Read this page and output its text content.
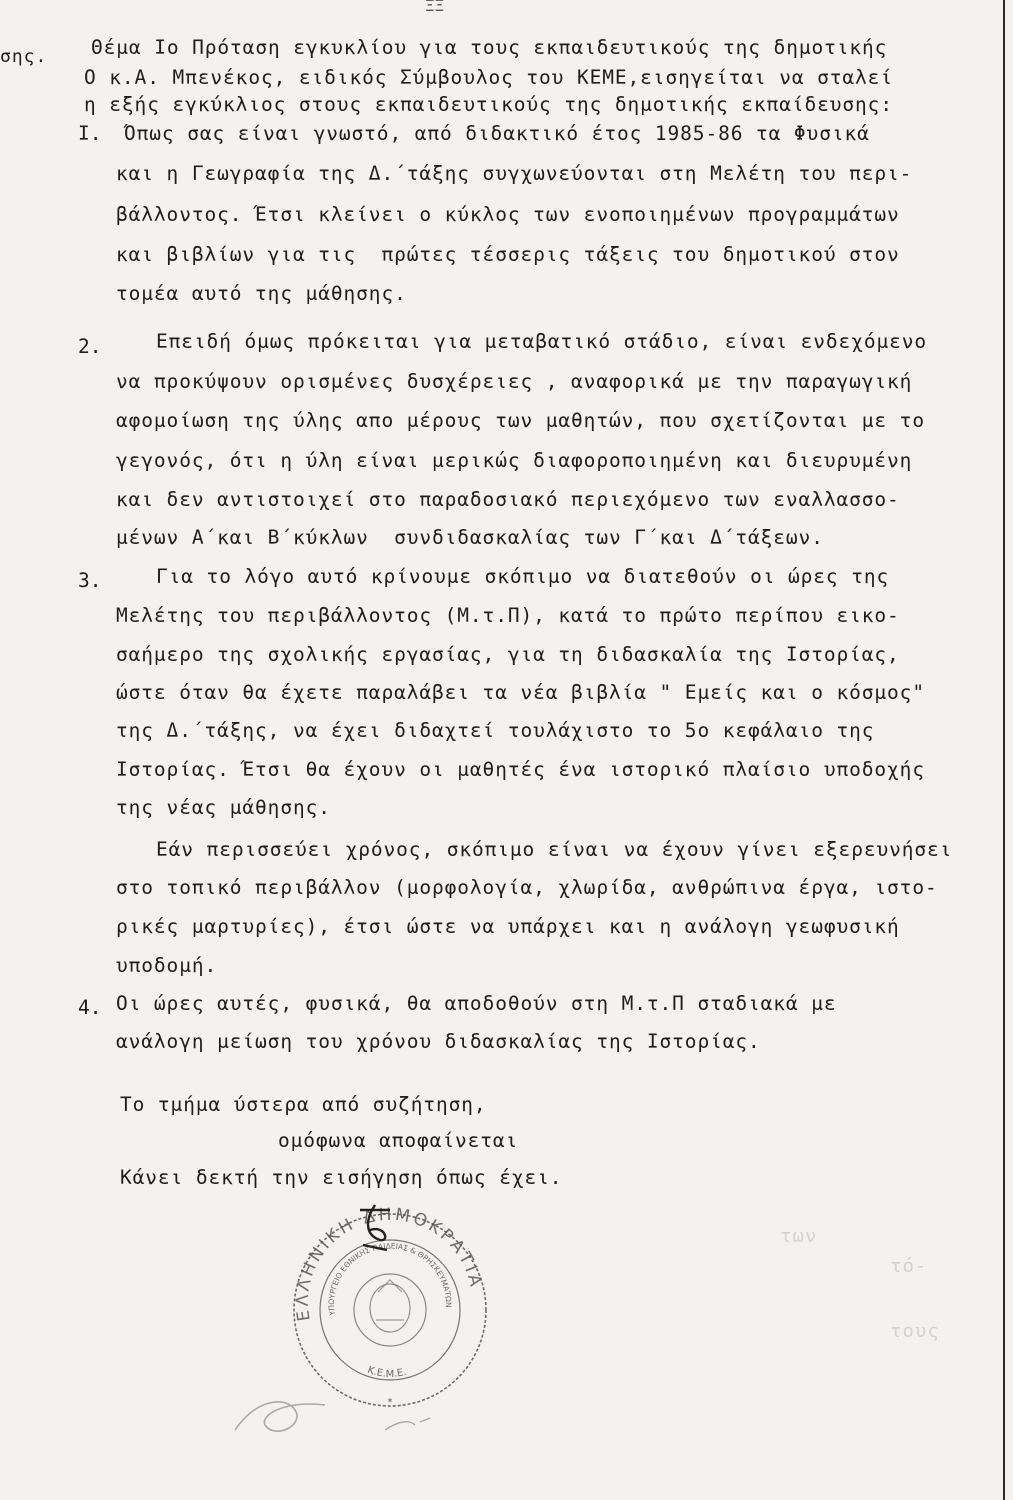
ΞΞ
σης.
των
τό-
τους
Θέμα Ιο Πρόταση εγκυκλίου για τους εκπαιδευτικούς της δημοτικής
Ο κ.Α. Μπενέκος, ειδικός Σύμβουλος του ΚΕΜΕ,εισηγείται να σταλεί
η εξής εγκύκλιος στους εκπαιδευτικούς της δημοτικής εκπαίδευσης:
Ι. Όπως σας είναι γνωστό, από διδακτικό έτος 1985-86 τα Φυσικά
και η Γεωγραφία της Δ.΄τάξης συγχωνεύονται στη Μελέτη του περι-
βάλλοντος. Έτσι κλείνει ο κύκλος των ενοποιημένων προγραμμάτων
και βιβλίων για τις  πρώτες τέσσερις τάξεις του δημοτικού στον
τομέα αυτό της μάθησης.
2.	Επειδή όμως πρόκειται για μεταβατικό στάδιο, είναι ενδεχόμενο
να προκύψουν ορισμένες δυσχέρειες , αναφορικά με την παραγωγική
αφομοίωση της ύλης απο μέρους των μαθητών, που σχετίζονται με το
γεγονός, ότι η ύλη είναι μερικώς διαφοροποιημένη και διευρυμένη
και δεν αντιστοιχεί στο παραδοσιακό περιεχόμενο των εναλλασσο-
μένων Α΄και Β΄κύκλων  συνδιδασκαλίας των Γ΄και Δ΄τάξεων.
3.	Για το λόγο αυτό κρίνουμε σκόπιμο να διατεθούν οι ώρες της
Μελέτης του περιβάλλοντος (Μ.τ.Π), κατά το πρώτο περίπου εικο-
σαήμερο της σχολικής εργασίας, για τη διδασκαλία της Ιστορίας,
ώστε όταν θα έχετε παραλάβει τα νέα βιβλία " Εμείς και ο κόσμος"
της Δ.΄τάξης, να έχει διδαχτεί τουλάχιστο το 5ο κεφάλαιο της
Ιστορίας. Έτσι θα έχουν οι μαθητές ένα ιστορικό πλαίσιο υποδοχής
της νέας μάθησης.
Εάν περισσεύει χρόνος, σκόπιμο είναι να έχουν γίνει εξερευνήσει
στο τοπικό περιβάλλον (μορφολογία, χλωρίδα, ανθρώπινα έργα, ιστο-
ρικές μαρτυρίες), έτσι ώστε να υπάρχει και η ανάλογη γεωφυσική
υποδομή.
4. Οι ώρες αυτές, φυσικά, θα αποδοθούν στη Μ.τ.Π σταδιακά με
ανάλογη μείωση του χρόνου διδασκαλίας της Ιστορίας.
Το τμήμα ύστερα από συζήτηση,
ομόφωνα αποφαίνεται
Κάνει δεκτή την εισήγηση όπως έχει.
ΕΛΛΗΝΙΚΗ ΔΗΜΟΚΡΑΤΙΑ
ΥΠΟΥΡΓΕΙΟ ΕΘΝΙΚΗΣ ΠΑΙΔΕΙΑΣ & ΘΡΗΣΚΕΥΜΑΤΩΝ
Κ.Ε.Μ.Ε.
*
